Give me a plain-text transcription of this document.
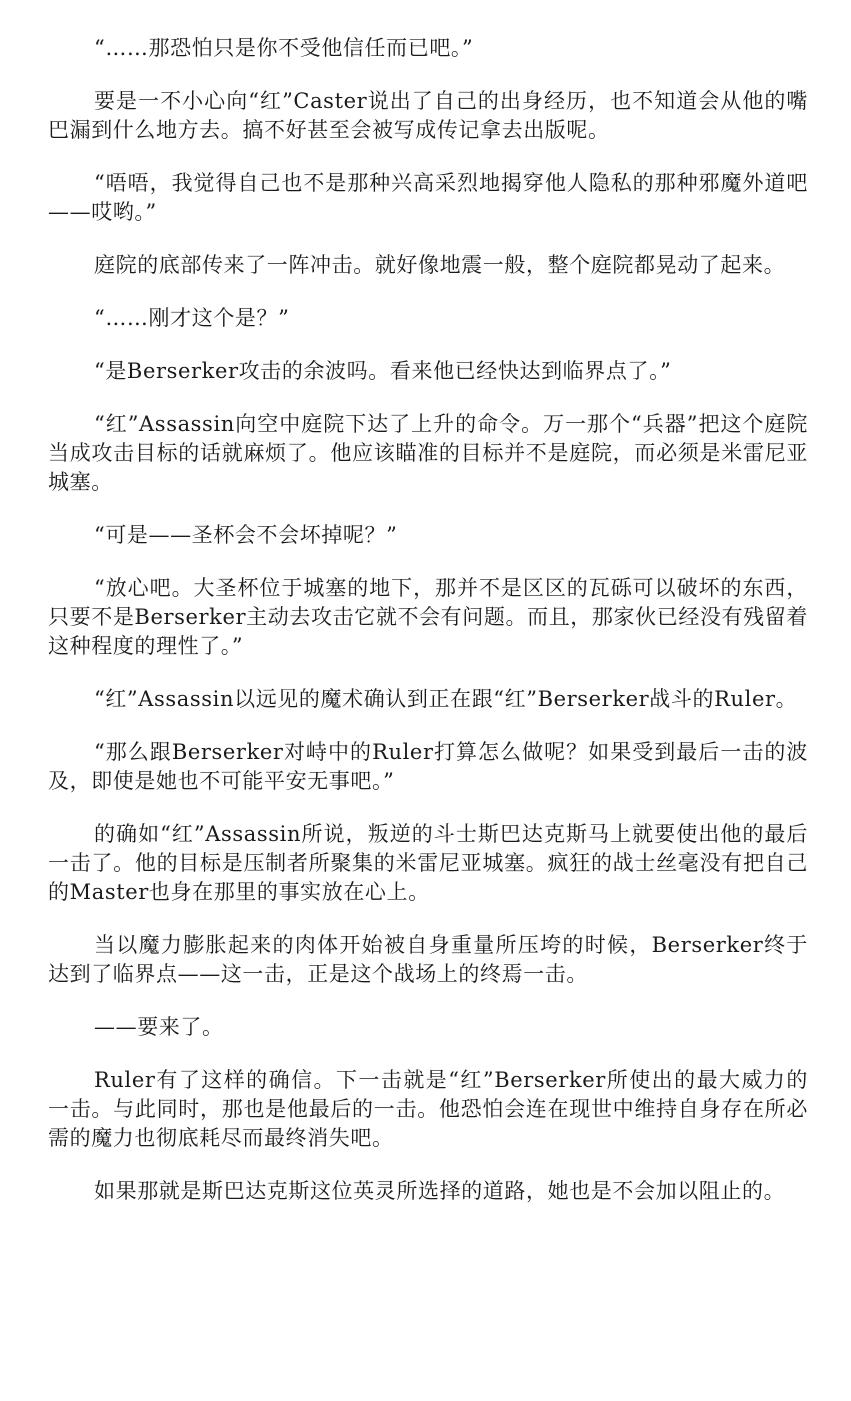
“……那恐怕只是你不受他信任而已吧。”

要是一不小心向“红”Caster说出了自己的出身经历，也不知道会从他的嘴巴漏到什么地方去。搞不好甚至会被写成传记拿去出版呢。

“唔唔，我觉得自己也不是那种兴高采烈地揭穿他人隐私的那种邪魔外道吧——哎哟。”

庭院的底部传来了一阵冲击。就好像地震一般，整个庭院都晃动了起来。

“……刚才这个是？”

“是Berserker攻击的余波吗。看来他已经快达到临界点了。”

“红”Assassin向空中庭院下达了上升的命令。万一那个“兵器”把这个庭院当成攻击目标的话就麻烦了。他应该瞄准的目标并不是庭院，而必须是米雷尼亚城塞。

“可是——圣杯会不会坏掉呢？”

“放心吧。大圣杯位于城塞的地下，那并不是区区的瓦砾可以破坏的东西，只要不是Berserker主动去攻击它就不会有问题。而且，那家伙已经没有残留着这种程度的理性了。”

“红”Assassin以远见的魔术确认到正在跟“红”Berserker战斗的Ruler。

“那么跟Berserker对峙中的Ruler打算怎么做呢？如果受到最后一击的波及，即使是她也不可能平安无事吧。”

的确如“红”Assassin所说，叛逆的斗士斯巴达克斯马上就要使出他的最后一击了。他的目标是压制者所聚集的米雷尼亚城塞。疯狂的战士丝毫没有把自己的Master也身在那里的事实放在心上。

当以魔力膨胀起来的肉体开始被自身重量所压垮的时候，Berserker终于达到了临界点——这一击，正是这个战场上的终焉一击。

——要来了。

Ruler有了这样的确信。下一击就是“红”Berserker所使出的最大威力的一击。与此同时，那也是他最后的一击。他恐怕会连在现世中维持自身存在所必需的魔力也彻底耗尽而最终消失吧。

如果那就是斯巴达克斯这位英灵所选择的道路，她也是不会加以阻止的。
